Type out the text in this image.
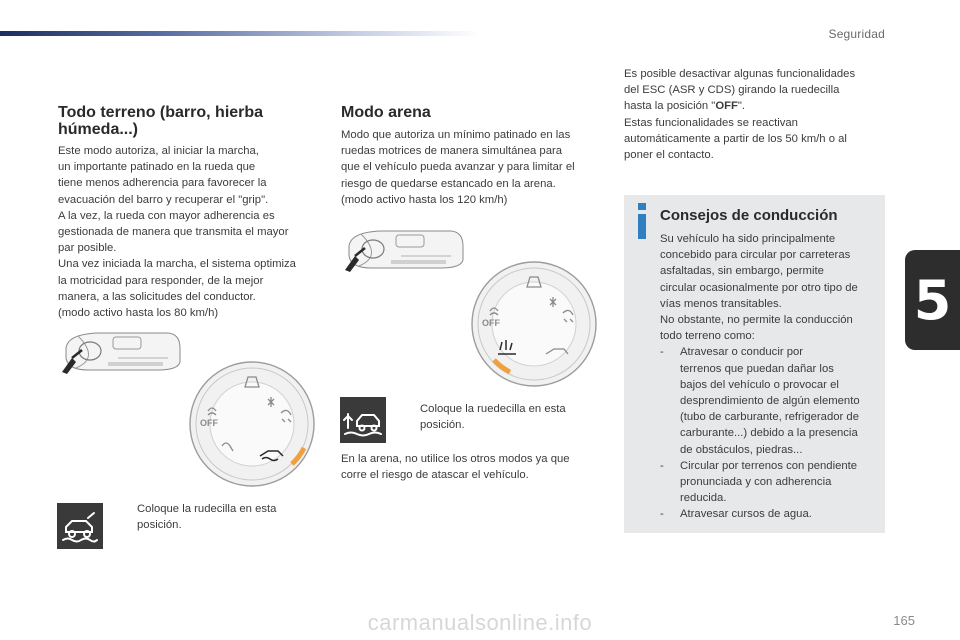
Seguridad
5
Todo terreno (barro, hierba
húmeda...)

Este modo autoriza, al iniciar la marcha,
un importante patinado en la rueda que
tiene menos adherencia para favorecer la
evacuación del barro y recuperar el "grip".
A la vez, la rueda con mayor adherencia es
gestionada de manera que transmita el mayor
par posible.
Una vez iniciada la marcha, el sistema optimiza
la motricidad para responder, de la mejor
manera, a las solicitudes del conductor.
(modo activo hasta los 80 km/h)

OFF
Coloque la rudecilla en esta
posición.
Modo arena

Modo que autoriza un mínimo patinado en las
ruedas motrices de manera simultánea para
que el vehículo pueda avanzar y para limitar el
riesgo de quedarse estancado en la arena.
(modo activo hasta los 120 km/h)

OFF
Coloque la ruedecilla en esta
posición.

En la arena, no utilice los otros modos ya que
corre el riesgo de atascar el vehículo.

Es posible desactivar algunas funcionalidades
del ESC (ASR y CDS) girando la ruedecilla
hasta la posición "OFF".
Estas funcionalidades se reactivan
automáticamente a partir de los 50 km/h o al
poner el contacto.

Consejos de conducción
Su vehículo ha sido principalmente
concebido para circular por carreteras
asfaltadas, sin embargo, permite
circular ocasionalmente por otro tipo de
vías menos transitables.
No obstante, no permite la conducción
todo terreno como:
- Atravesar o conducir por
terrenos que puedan dañar los
bajos del vehículo o provocar el
desprendimiento de algún elemento
(tubo de carburante, refrigerador de
carburante...) debido a la presencia
de obstáculos, piedras...
- Circular por terrenos con pendiente
pronunciada y con adherencia
reducida.
- Atravesar cursos de agua.
165
carmanualsonline.info
